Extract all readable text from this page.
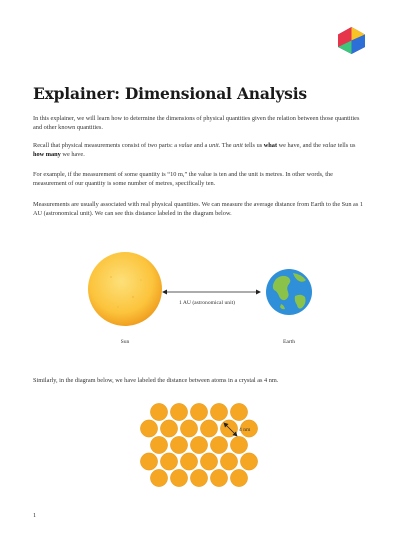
Explainer: Dimensional Analysis

In this explainer, we will learn how to determine the dimensions of physical quantities given the relation between those quantities and other known quantities.

Recall that physical measurements consist of two parts: a value and a unit. The unit tells us what we have, and the value tells us how many we have.

For example, if the measurement of some quantity is “10 m,” the value is ten and the unit is metres. In other words, the measurement of our quantity is some number of metres, specifically ten.

Measurements are usually associated with real physical quantities. We can measure the average distance from Earth to the Sun as 1 AU (astronomical unit). We can see this distance labeled in the diagram below.

1 AU (astronomical unit)
Sun	Earth

Similarly, in the diagram below, we have labeled the distance between atoms in a crystal as 4 nm.

4 nm
1
